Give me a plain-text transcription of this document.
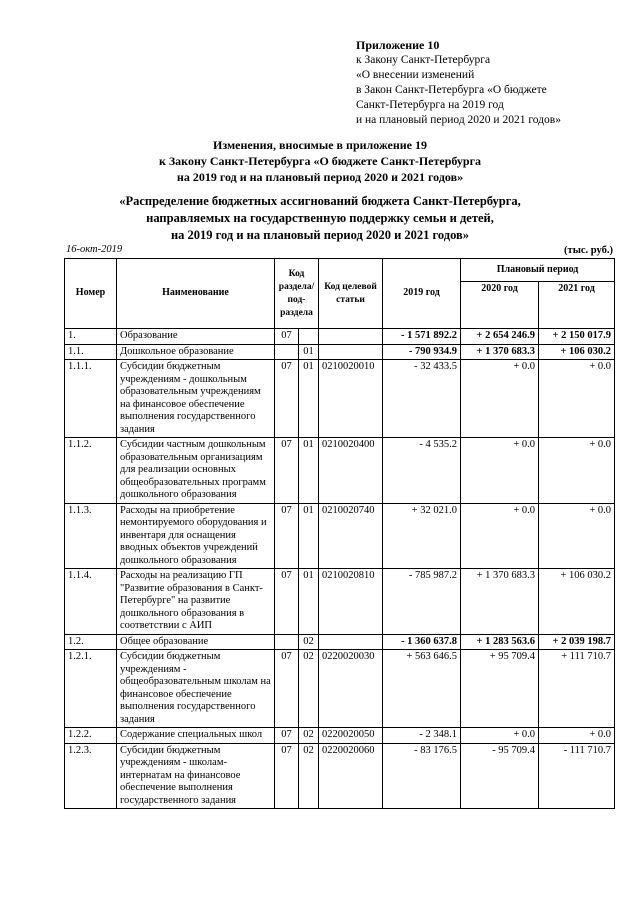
Приложение 10
к Закону Санкт-Петербурга
«О внесении изменений
в Закон Санкт-Петербурга «О бюджете
Санкт-Петербурга на 2019 год
и на плановый период 2020 и 2021 годов»
Изменения, вносимые в приложение 19
к Закону Санкт-Петербурга «О бюджете Санкт-Петербурга
на 2019 год и на плановый период 2020 и 2021 годов»
«Распределение бюджетных ассигнований бюджета Санкт-Петербурга,
направляемых на государственную поддержку семьи и детей,
на 2019 год и на плановый период 2020 и 2021 годов»
16-окт-2019	(тыс. руб.)
Номер	Наименование	Код раздела/ под- раздела		Код целевой статьи	2019 год	Плановый период	
						2020 год	2021 год
1.	Образование	07			- 1 571 892.2	+ 2 654 246.9	+ 2 150 017.9
1.1.	Дошкольное образование		01		- 790 934.9	+ 1 370 683.3	+ 106 030.2
1.1.1.	Субсидии бюджетным учреждениям - дошкольным образовательным учреждениям на финансовое обеспечение выполнения государственного задания	07	01	0210020010	- 32 433.5	+ 0.0	+ 0.0
1.1.2.	Субсидии частным дошкольным образовательным организациям для реализации основных общеобразовательных программ дошкольного образования	07	01	0210020400	- 4 535.2	+ 0.0	+ 0.0
1.1.3.	Расходы на приобретение немонтируемого оборудования и инвентаря для оснащения вводных объектов учреждений дошкольного образования	07	01	0210020740	+ 32 021.0	+ 0.0	+ 0.0
1.1.4.	Расходы на реализацию ГП "Развитие образования в Санкт-Петербурге" на развитие дошкольного образования в соответствии с АИП	07	01	0210020810	- 785 987.2	+ 1 370 683.3	+ 106 030.2
1.2.	Общее образование		02		- 1 360 637.8	+ 1 283 563.6	+ 2 039 198.7
1.2.1.	Субсидии бюджетным учреждениям - общеобразовательным школам на финансовое обеспечение выполнения государственного задания	07	02	0220020030	+ 563 646.5	+ 95 709.4	+ 111 710.7
1.2.2.	Содержание специальных школ	07	02	0220020050	- 2 348.1	+ 0.0	+ 0.0
1.2.3.	Субсидии бюджетным учреждениям - школам-интернатам на финансовое обеспечение выполнения государственного задания	07	02	0220020060	- 83 176.5	- 95 709.4	- 111 710.7
